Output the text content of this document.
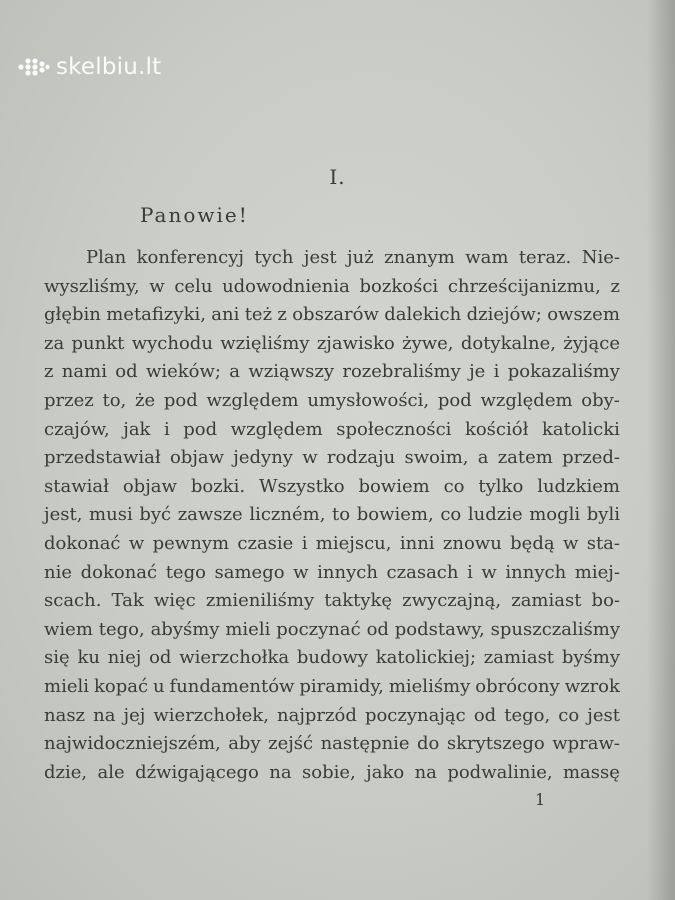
skelbiu.lt
I.
Panowie!
Plan konferencyj tych jest już znanym wam teraz. Nie-
wyszliśmy, w celu udowodnienia bozkości chrześcijanizmu, z
głębin metafizyki, ani też z obszarów dalekich dziejów; owszem
za punkt wychodu wzięliśmy zjawisko żywe, dotykalne, żyjące
z nami od wieków; a wziąwszy rozebraliśmy je i pokazaliśmy
przez to, że pod względem umysłowości, pod względem oby-
czajów, jak i pod względem społeczności kościół katolicki
przedstawiał objaw jedyny w rodzaju swoim, a zatem przed-
stawiał objaw bozki. Wszystko bowiem co tylko ludzkiem
jest, musi być zawsze liczném, to bowiem, co ludzie mogli byli
dokonać w pewnym czasie i miejscu, inni znowu będą w sta-
nie dokonać tego samego w innych czasach i w innych miej-
scach. Tak więc zmieniliśmy taktykę zwyczajną, zamiast bo-
wiem tego, abyśmy mieli poczynać od podstawy, spuszczaliśmy
się ku niej od wierzchołka budowy katolickiej; zamiast byśmy
mieli kopać u fundamentów piramidy, mieliśmy obrócony wzrok
nasz na jej wierzchołek, najprzód poczynając od tego, co jest
najwidoczniejszém, aby zejść następnie do skrytszego wpraw-
dzie, ale dźwigającego na sobie, jako na podwalinie, massę
1
